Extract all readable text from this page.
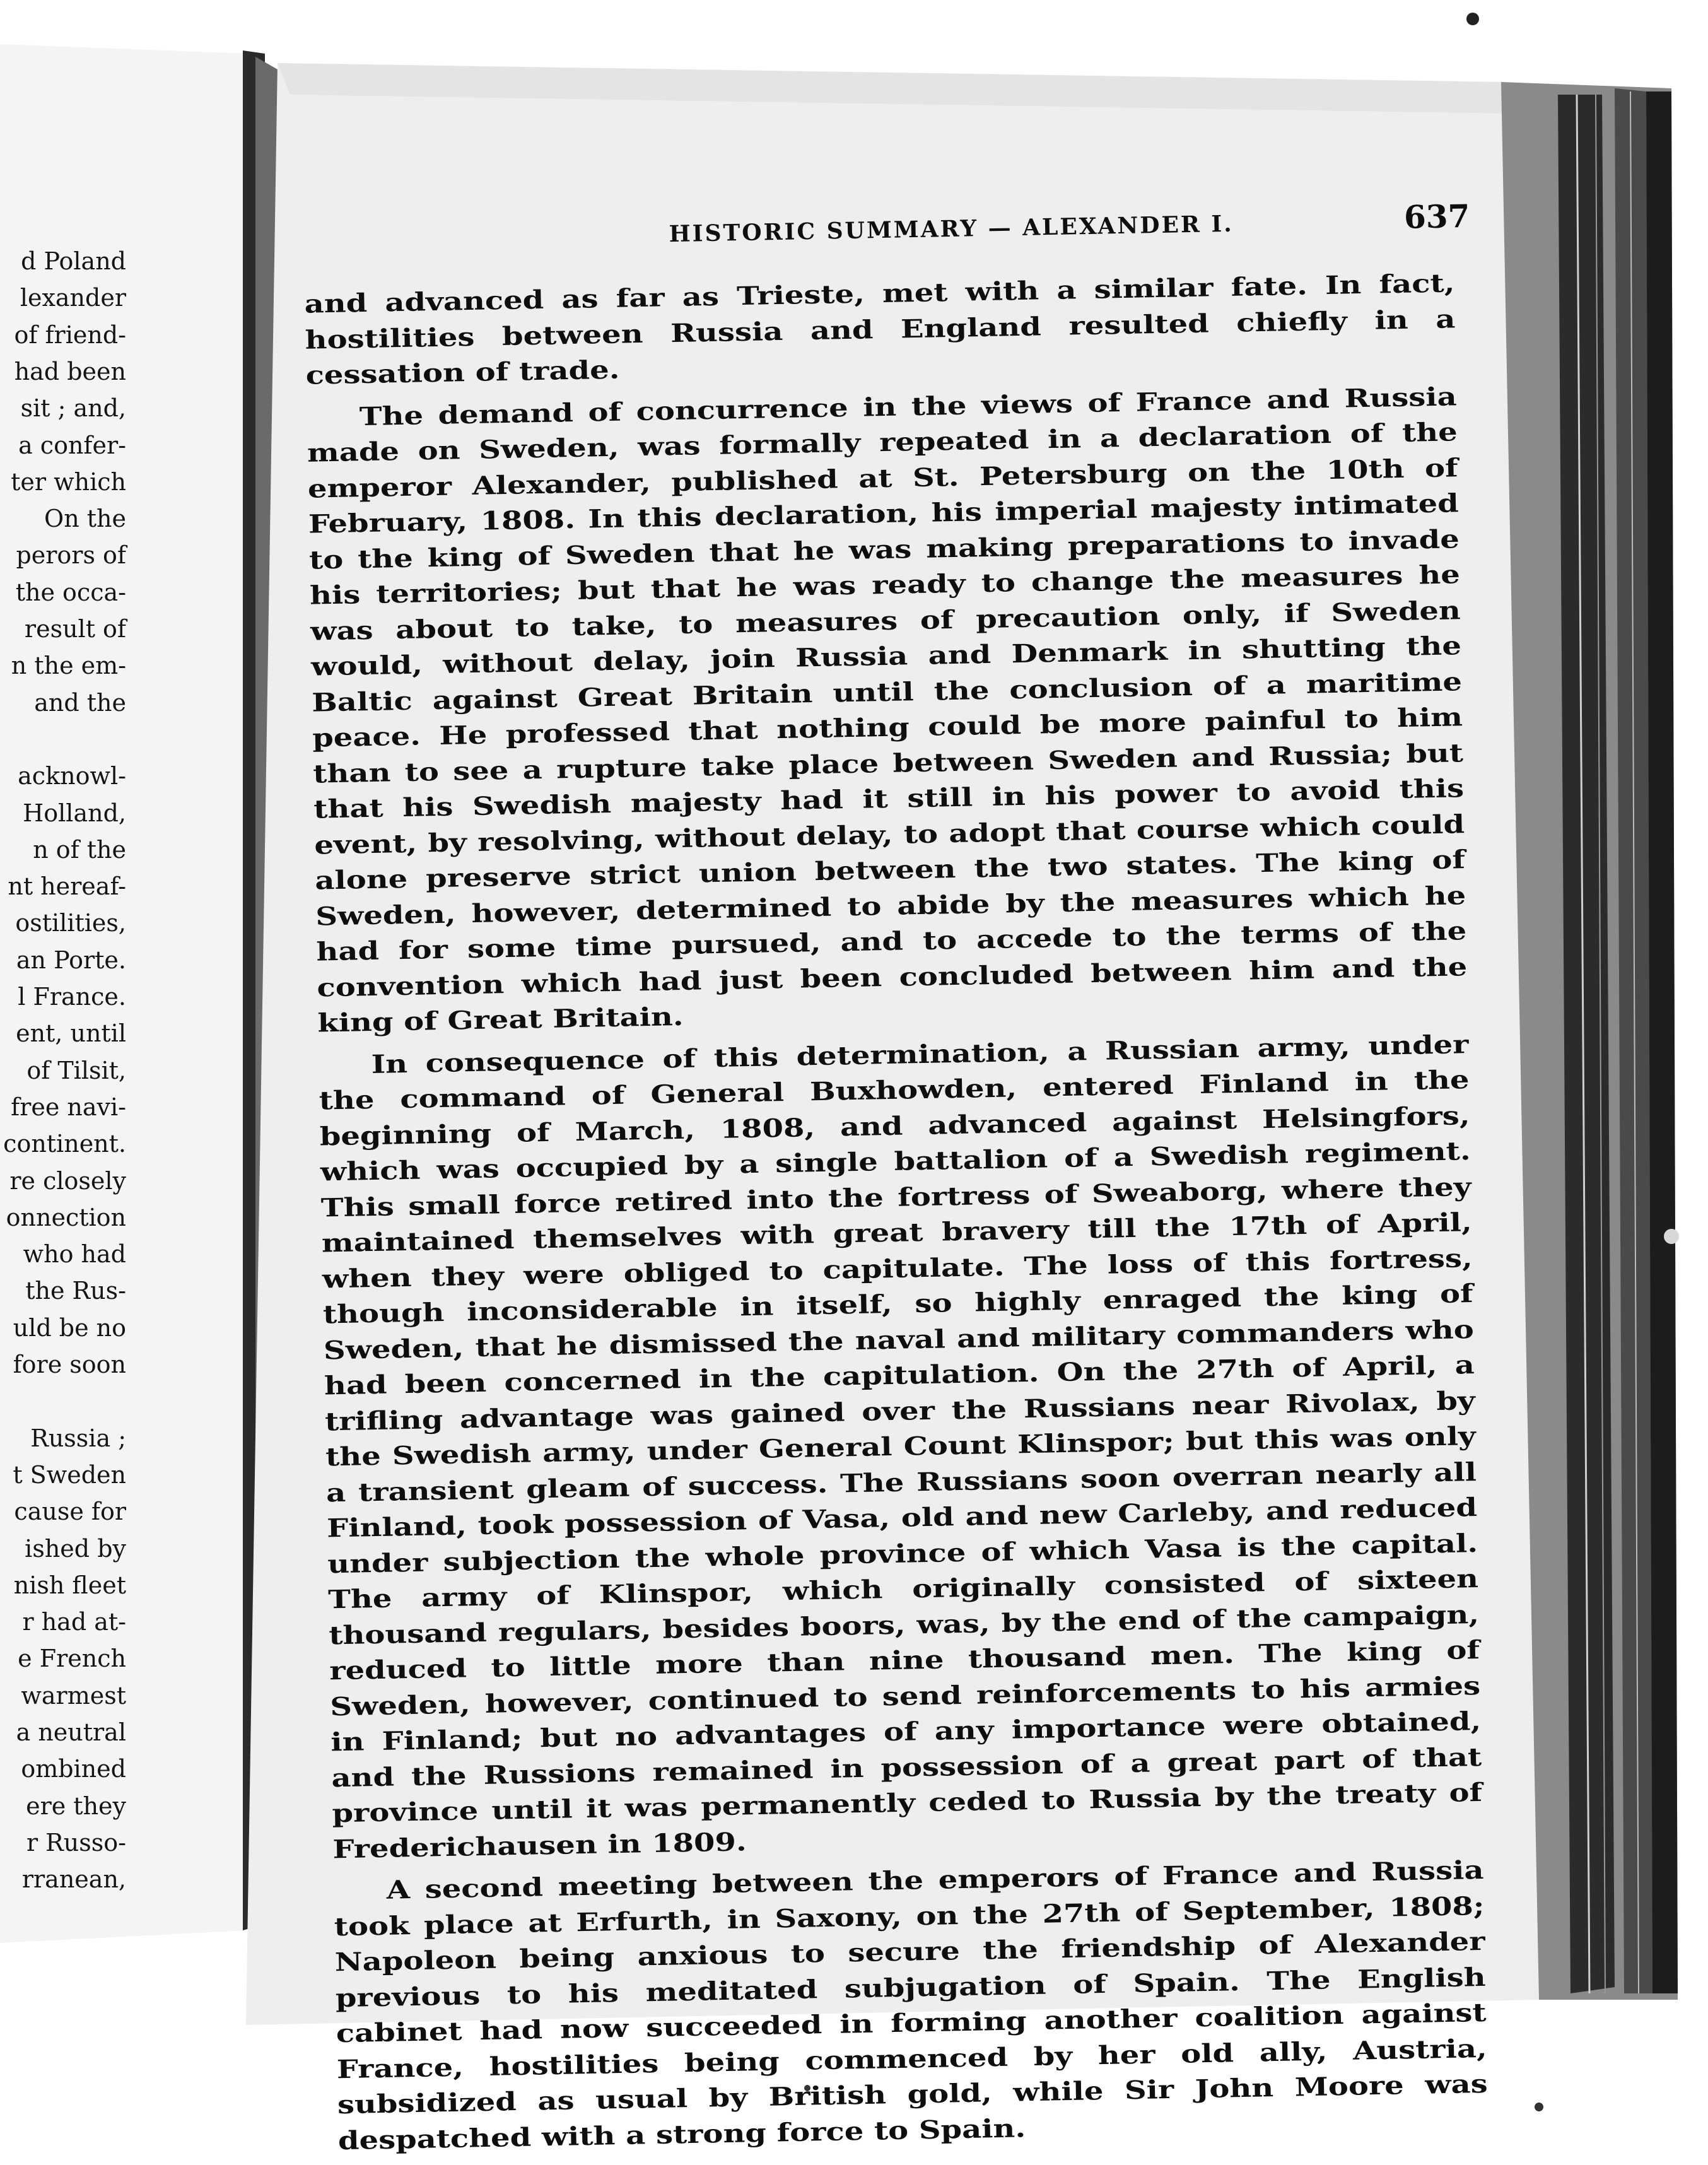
d Poland
lexander
of friend-
had been
sit ; and,
a confer-
ter which
On the
perors of
the occa-
result of
n the em-
and the
acknowl-
Holland,
n of the
nt hereaf-
ostilities,
an Porte.
l France.
ent, until
of Tilsit,
free navi-
continent.
re closely
onnection
who had
the Rus-
uld be no
fore soon
Russia ;
t Sweden
cause for
ished by
nish fleet
r had at-
e French
warmest
a neutral
ombined
ere they
r Russo-
rranean,
HISTORIC SUMMARY — ALEXANDER I.	637

and advanced as far as Trieste, met with a similar fate. In fact, hostilities between Russia and England resulted chiefly in a cessation of trade.

The demand of concurrence in the views of France and Russia made on Sweden, was formally repeated in a declaration of the emperor Alexander, published at St. Petersburg on the 10th of February, 1808. In this declaration, his imperial majesty intimated to the king of Sweden that he was making preparations to invade his territories; but that he was ready to change the measures he was about to take, to measures of precaution only, if Sweden would, without delay, join Russia and Denmark in shutting the Baltic against Great Britain until the conclusion of a maritime peace. He professed that nothing could be more painful to him than to see a rupture take place between Sweden and Russia; but that his Swedish majesty had it still in his power to avoid this event, by resolving, without delay, to adopt that course which could alone preserve strict union between the two states. The king of Sweden, however, determined to abide by the measures which he had for some time pursued, and to accede to the terms of the convention which had just been concluded between him and the king of Great Britain.

In consequence of this determination, a Russian army, under the command of General Buxhowden, entered Finland in the beginning of March, 1808, and advanced against Helsingfors, which was occupied by a single battalion of a Swedish regiment. This small force retired into the fortress of Sweaborg, where they maintained themselves with great bravery till the 17th of April, when they were obliged to capitulate. The loss of this fortress, though inconsiderable in itself, so highly enraged the king of Sweden, that he dismissed the naval and military commanders who had been concerned in the capitulation. On the 27th of April, a trifling advantage was gained over the Russians near Rivolax, by the Swedish army, under General Count Klinspor; but this was only a transient gleam of success. The Russians soon overran nearly all Finland, took possession of Vasa, old and new Carleby, and reduced under subjection the whole province of which Vasa is the capital. The army of Klinspor, which originally consisted of sixteen thousand regulars, besides boors, was, by the end of the campaign, reduced to little more than nine thousand men. The king of Sweden, however, continued to send reinforcements to his armies in Finland; but no advantages of any importance were obtained, and the Russions remained in possession of a great part of that province until it was permanently ceded to Russia by the treaty of Frederichausen in 1809.

A second meeting between the emperors of France and Russia took place at Erfurth, in Saxony, on the 27th of September, 1808; Napoleon being anxious to secure the friendship of Alexander previous to his meditated subjugation of Spain. The English cabinet had now succeeded in forming another coalition against France, hostilities being commenced by her old ally, Austria, subsidized as usual by British gold, while Sir John Moore was despatched with a strong force to Spain.
